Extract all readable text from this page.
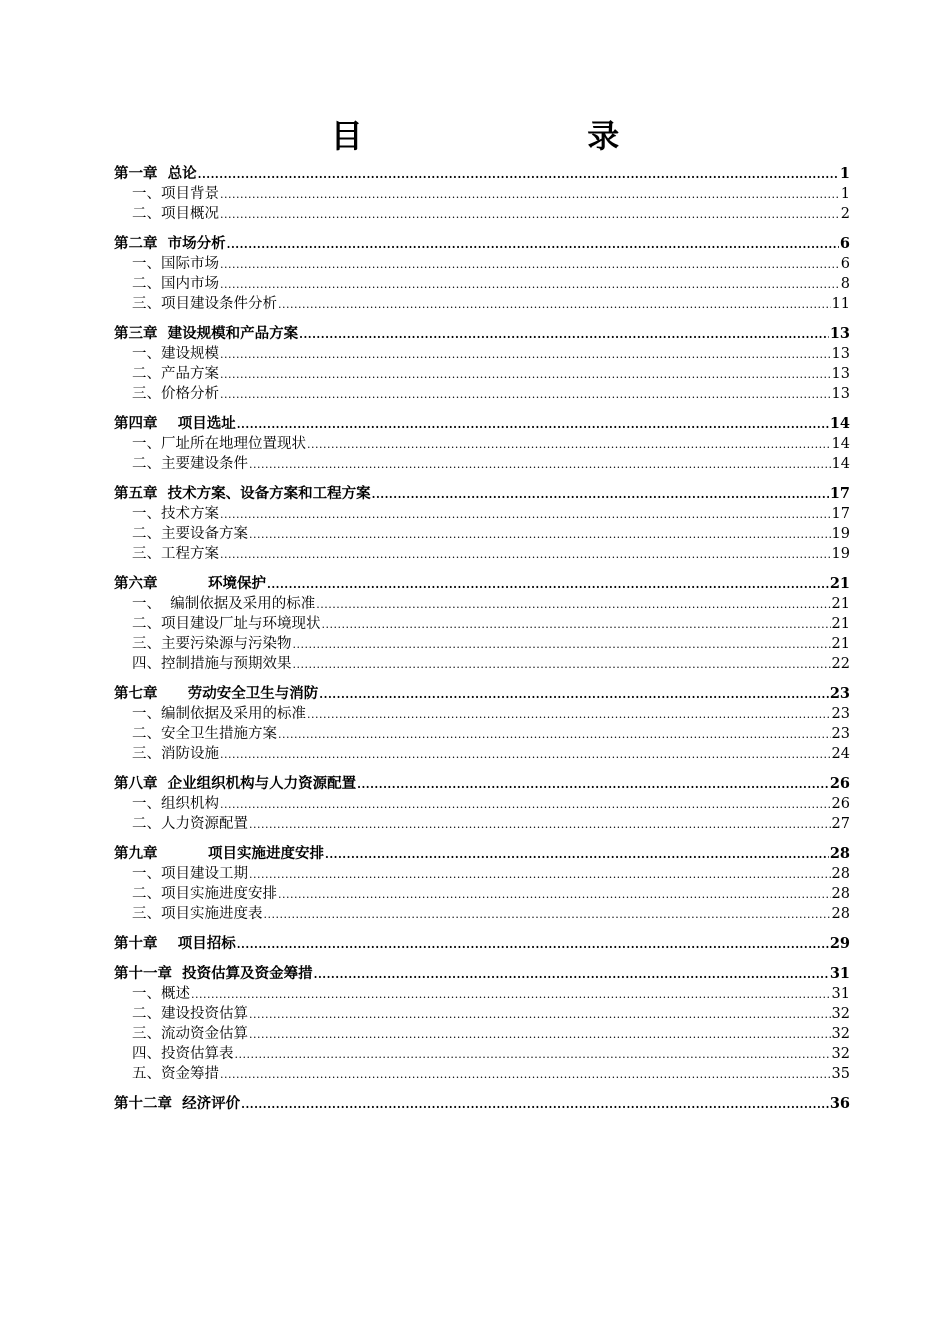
目    录
第一章  总论 .....	1
一、项目背景 .....	1
二、项目概况 .....	2
第二章  市场分析 .....	6
一、国际市场 .....	6
二、国内市场 .....	8
三、项目建设条件分析 .....	11
第三章  建设规模和产品方案 .....	13
一、建设规模 .....	13
二、产品方案 .....	13
三、价格分析 .....	13
第四章    项目选址 .....	14
一、厂址所在地理位置现状 .....	14
二、主要建设条件 .....	14
第五章  技术方案、设备方案和工程方案 .....	17
一、技术方案 .....	17
二、主要设备方案 .....	19
三、工程方案 .....	19
第六章          环境保护 .....	21
一、  编制依据及采用的标准 .....	21
二、项目建设厂址与环境现状 .....	21
三、主要污染源与污染物 .....	21
四、控制措施与预期效果 .....	22
第七章      劳动安全卫生与消防 .....	23
一、编制依据及采用的标准 .....	23
二、安全卫生措施方案 .....	23
三、消防设施 .....	24
第八章  企业组织机构与人力资源配置 .....	26
一、组织机构 .....	26
二、人力资源配置 .....	27
第九章          项目实施进度安排 .....	28
一、项目建设工期 .....	28
二、项目实施进度安排 .....	28
三、项目实施进度表 .....	28
第十章    项目招标 .....	29
第十一章  投资估算及资金筹措 .....	31
一、概述 .....	31
二、建设投资估算 .....	32
三、流动资金估算 .....	32
四、投资估算表 .....	32
五、资金筹措 .....	35
第十二章  经济评价 .....	36
